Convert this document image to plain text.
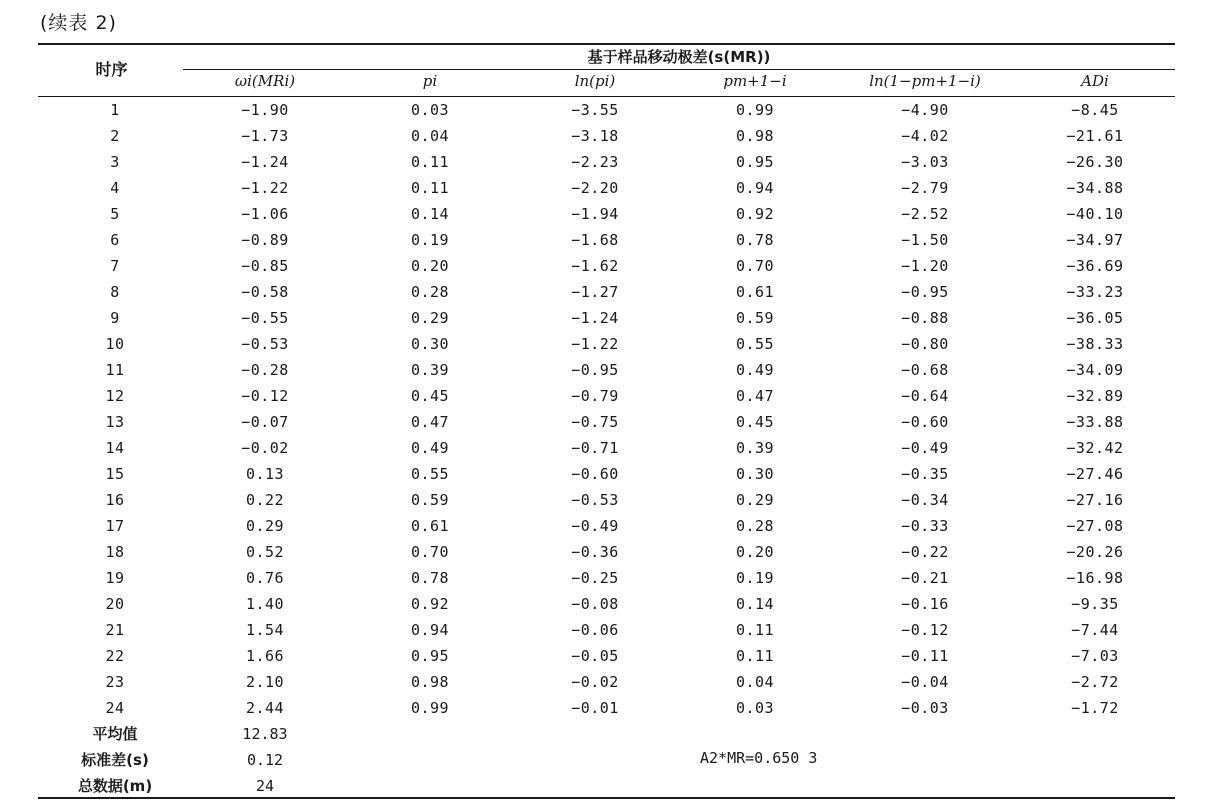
(续表 2)
时序
基于样品移动极差(s(MR))
ωi(MRi)	pi	ln(pi)	pm+1−i	ln(1−pm+1−i)	ADi
1	−1.90	0.03	−3.55	0.99	−4.90	−8.45
2	−1.73	0.04	−3.18	0.98	−4.02	−21.61
3	−1.24	0.11	−2.23	0.95	−3.03	−26.30
4	−1.22	0.11	−2.20	0.94	−2.79	−34.88
5	−1.06	0.14	−1.94	0.92	−2.52	−40.10
6	−0.89	0.19	−1.68	0.78	−1.50	−34.97
7	−0.85	0.20	−1.62	0.70	−1.20	−36.69
8	−0.58	0.28	−1.27	0.61	−0.95	−33.23
9	−0.55	0.29	−1.24	0.59	−0.88	−36.05
10	−0.53	0.30	−1.22	0.55	−0.80	−38.33
11	−0.28	0.39	−0.95	0.49	−0.68	−34.09
12	−0.12	0.45	−0.79	0.47	−0.64	−32.89
13	−0.07	0.47	−0.75	0.45	−0.60	−33.88
14	−0.02	0.49	−0.71	0.39	−0.49	−32.42
15	0.13	0.55	−0.60	0.30	−0.35	−27.46
16	0.22	0.59	−0.53	0.29	−0.34	−27.16
17	0.29	0.61	−0.49	0.28	−0.33	−27.08
18	0.52	0.70	−0.36	0.20	−0.22	−20.26
19	0.76	0.78	−0.25	0.19	−0.21	−16.98
20	1.40	0.92	−0.08	0.14	−0.16	−9.35
21	1.54	0.94	−0.06	0.11	−0.12	−7.44
22	1.66	0.95	−0.05	0.11	−0.11	−7.03
23	2.10	0.98	−0.02	0.04	−0.04	−2.72
24	2.44	0.99	−0.01	0.03	−0.03	−1.72
平均值	12.83
标准差(s)	0.12
总数据(m)	24
A2*MR=0.650 3
